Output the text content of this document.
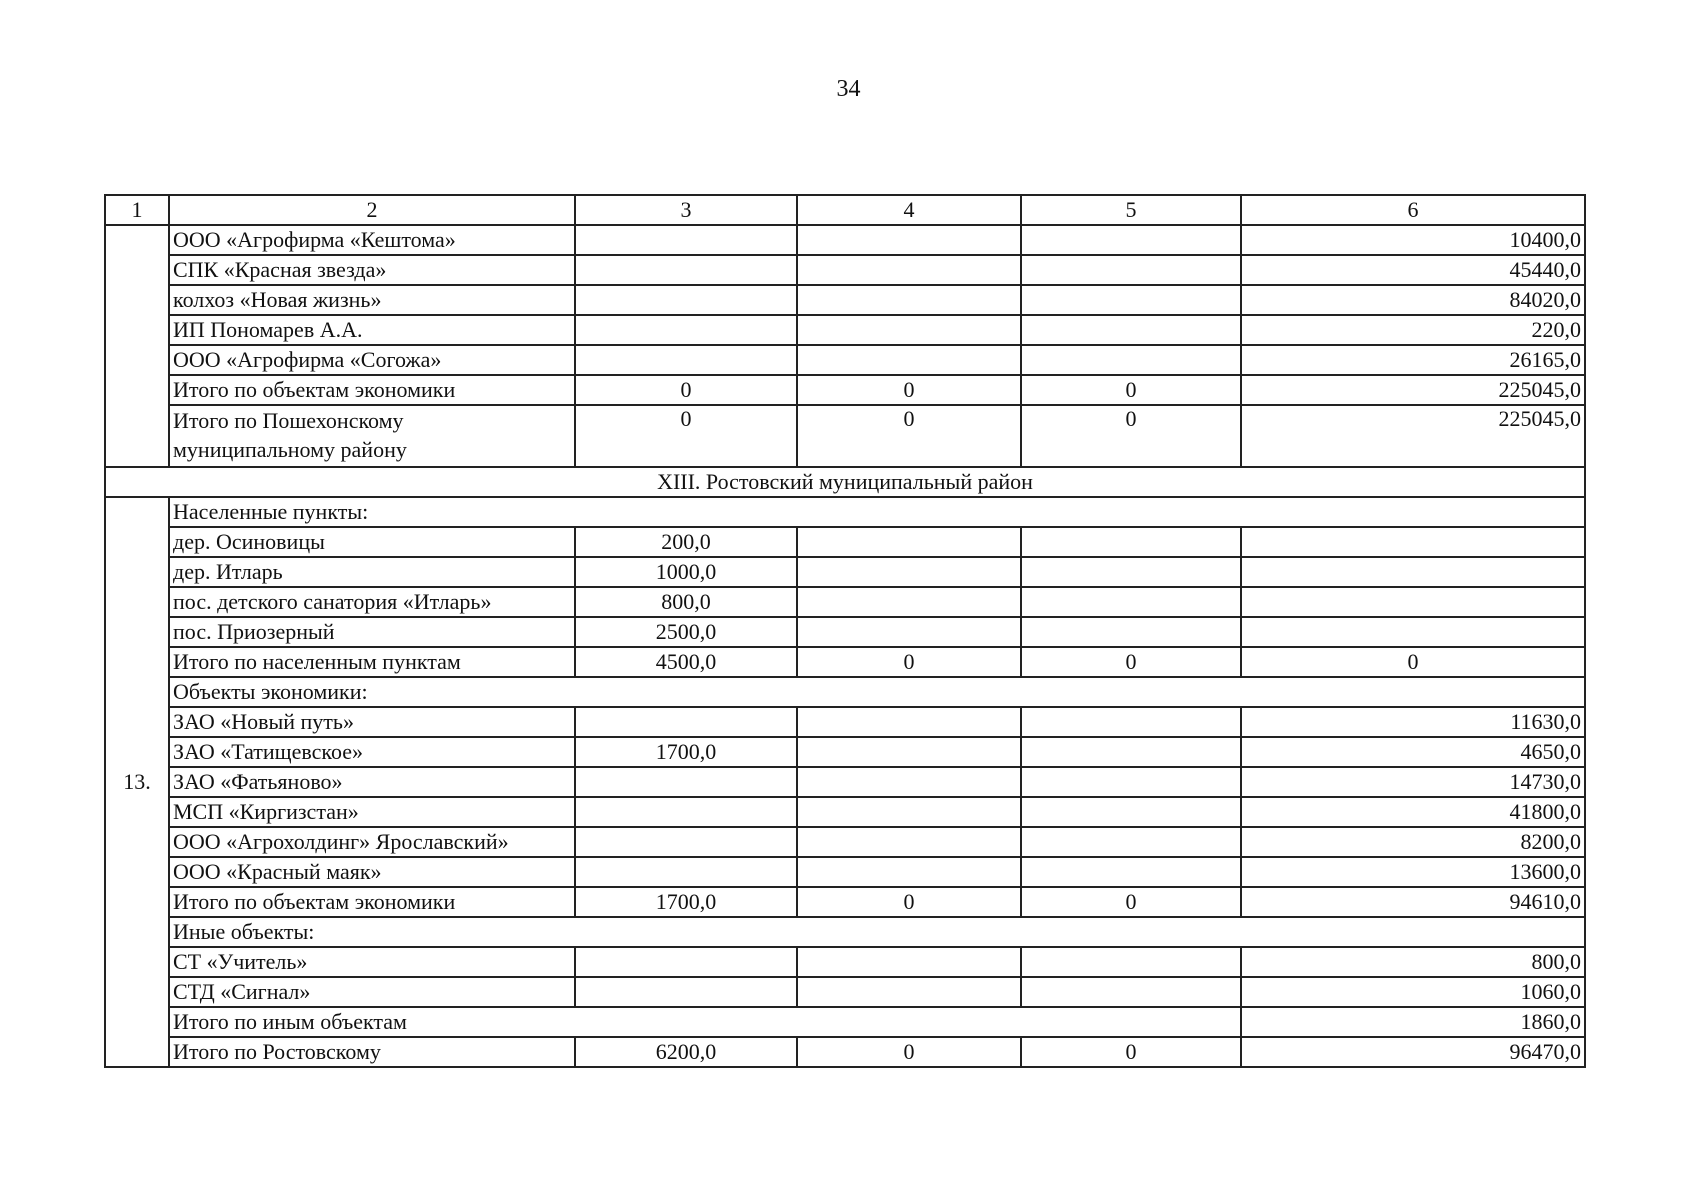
34
1	2	3	4	5	6
	ООО «Агрофирма «Кештома»				10400,0
	СПК «Красная звезда»				45440,0
	колхоз «Новая жизнь»				84020,0
	ИП Пономарев А.А.				220,0
	ООО «Агрофирма «Согожа»				26165,0
	Итого по объектам экономики	0	0	0	225045,0
	Итого по Пошехонскому муниципальному району	0	0	0	225045,0
XIII. Ростовский муниципальный район					
13.	Населенные пункты:				
	дер. Осиновицы	200,0			
	дер. Итларь	1000,0			
	пос. детского санатория «Итларь»	800,0			
	пос. Приозерный	2500,0			
	Итого по населенным пунктам	4500,0	0	0	0
	Объекты экономики:				
	ЗАО «Новый путь»				11630,0
	ЗАО «Татищевское»	1700,0			4650,0
	ЗАО «Фатьяново»				14730,0
	МСП «Киргизстан»				41800,0
	ООО «Агрохолдинг» Ярославский»				8200,0
	ООО «Красный маяк»				13600,0
	Итого по объектам экономики	1700,0	0	0	94610,0
	Иные объекты:				
	СТ «Учитель»				800,0
	СТД «Сигнал»				1060,0
	Итого по иным объектам				1860,0
	Итого по Ростовскому	6200,0	0	0	96470,0
